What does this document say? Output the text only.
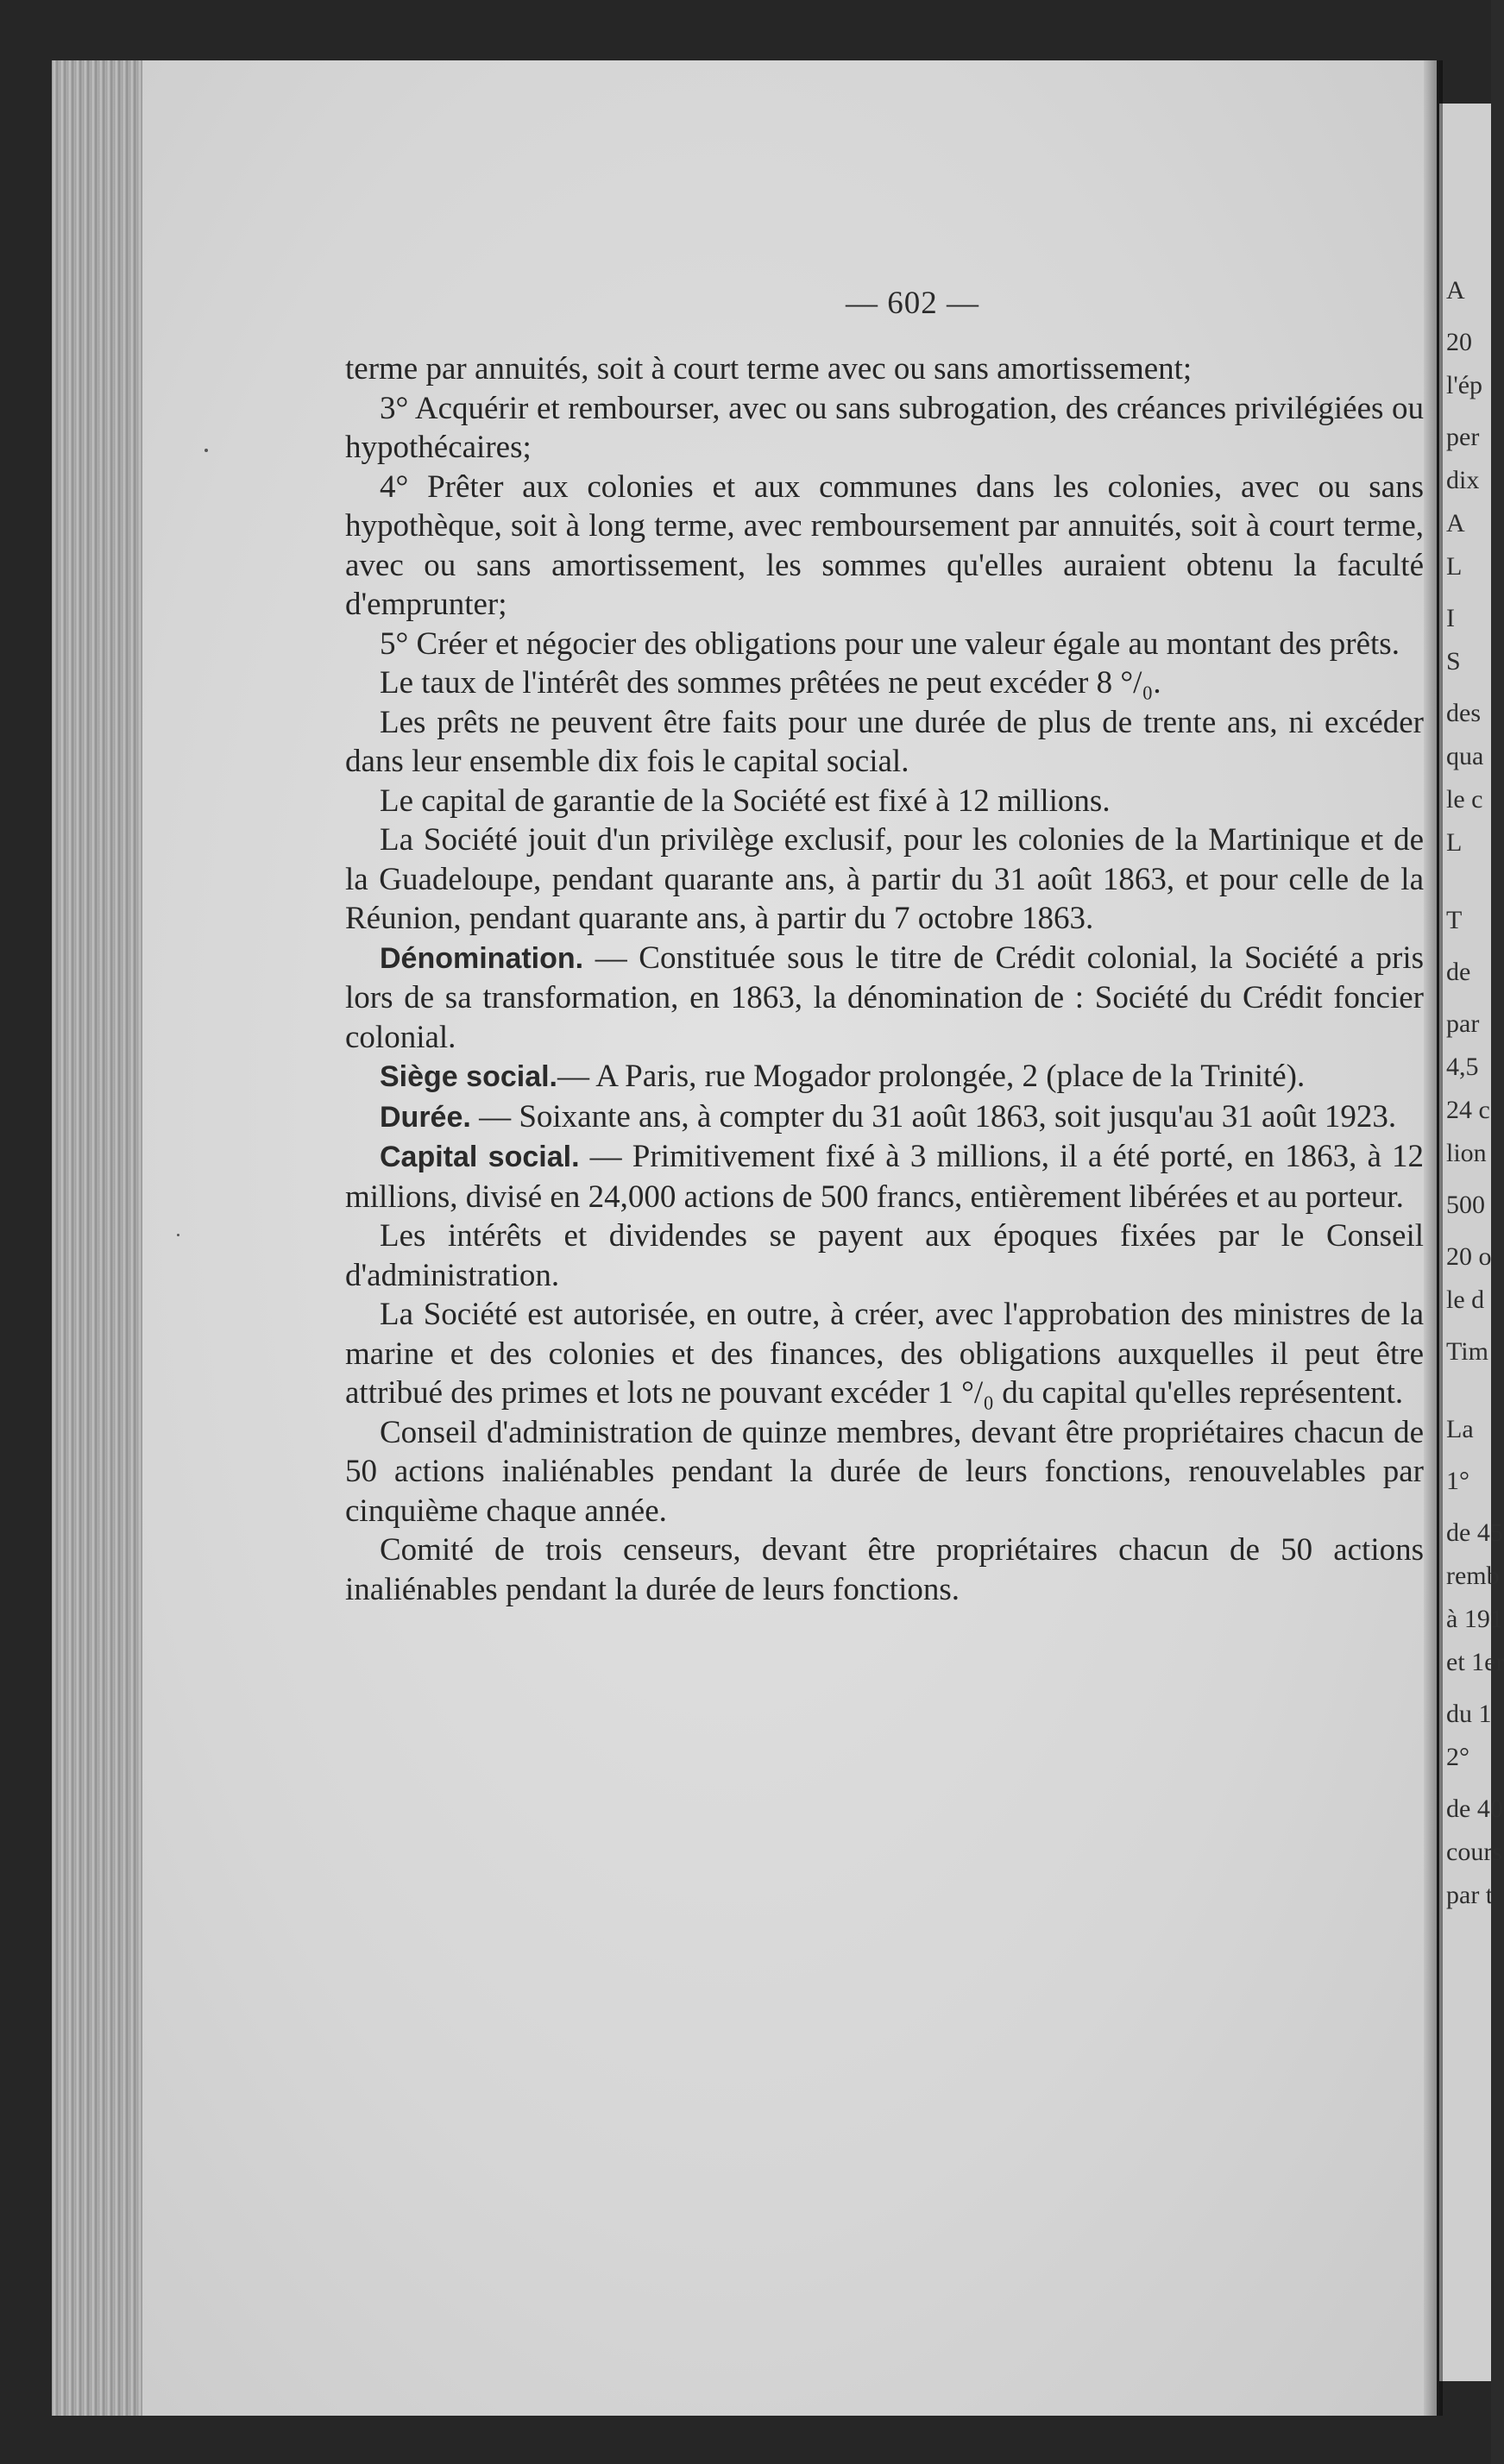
A
20
l'ép
per
dix
A
L
I
S
des
qua
le c
L
T
de
par
4,5
24 c
lion
500
20 o
le d
Tim
La
1°
de 45
remb
à 191
et 1er
du 1
2°
de 40
cours
par t
— 602 —

terme par annuités, soit à court terme avec ou sans amortissement;

3° Acquérir et rembourser, avec ou sans subrogation, des créances privilégiées ou hypothécaires;

4° Prêter aux colonies et aux communes dans les colonies, avec ou sans hypothèque, soit à long terme, avec remboursement par annuités, soit à court terme, avec ou sans amortissement, les sommes qu'elles auraient obtenu la faculté d'emprunter;

5° Créer et négocier des obligations pour une valeur égale au montant des prêts.

Le taux de l'intérêt des sommes prêtées ne peut excéder 8 °/₀.

Les prêts ne peuvent être faits pour une durée de plus de trente ans, ni excéder dans leur ensemble dix fois le capital social.

Le capital de garantie de la Société est fixé à 12 millions.

La Société jouit d'un privilège exclusif, pour les colonies de la Martinique et de la Guadeloupe, pendant quarante ans, à partir du 31 août 1863, et pour celle de la Réunion, pendant quarante ans, à partir du 7 octobre 1863.

Dénomination. — Constituée sous le titre de Crédit colonial, la Société a pris lors de sa transformation, en 1863, la dénomination de : Société du Crédit foncier colonial.

Siège social.— A Paris, rue Mogador prolongée, 2 (place de la Trinité).

Durée. — Soixante ans, à compter du 31 août 1863, soit jusqu'au 31 août 1923.

Capital social. — Primitivement fixé à 3 millions, il a été porté, en 1863, à 12 millions, divisé en 24,000 actions de 500 francs, entièrement libérées et au porteur.

Les intérêts et dividendes se payent aux époques fixées par le Conseil d'administration.

La Société est autorisée, en outre, à créer, avec l'approbation des ministres de la marine et des colonies et des finances, des obligations auxquelles il peut être attribué des primes et lots ne pouvant excéder 1 °/₀ du capital qu'elles représentent.

Conseil d'administration de quinze membres, devant être propriétaires chacun de 50 actions inaliénables pendant la durée de leurs fonctions, renouvelables par cinquième chaque année.

Comité de trois censeurs, devant être propriétaires chacun de 50 actions inaliénables pendant la durée de leurs fonctions.
